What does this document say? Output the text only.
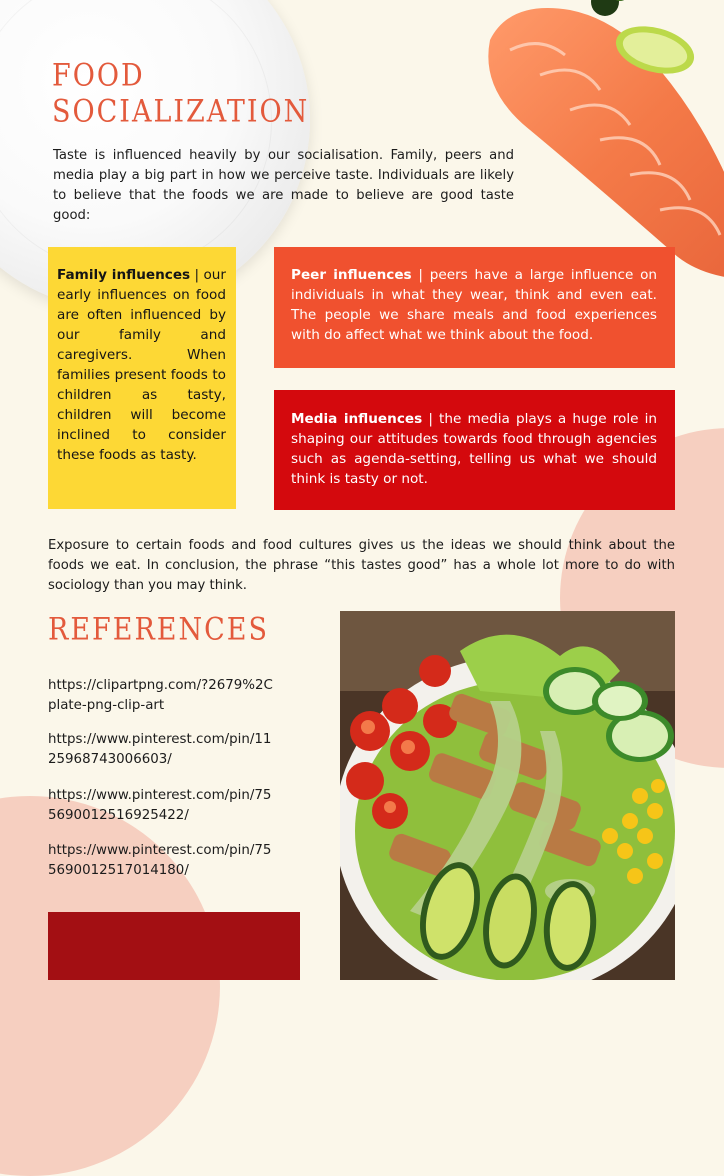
FOOD
SOCIALIZATION
Taste is influenced heavily by our socialisation. Family, peers and media play a big part in how we perceive taste. Individuals are likely to believe that the foods we are made to believe are good taste good:
Family influences | our early influences on food are often influenced by our family and caregivers. When families present foods to children as tasty, children will become inclined to consider these foods as tasty.
Peer influences | peers have a large influence on individuals in what they wear, think and even eat. The people we share meals and food experiences with do affect what we think about the food.
Media influences | the media plays a huge role in shaping our attitudes towards food through agencies such as agenda-setting, telling us what we should think is tasty or not.
Exposure to certain foods and food cultures gives us the ideas we should think about the foods we eat. In conclusion, the phrase “this tastes good” has a whole lot more to do with sociology than you may think.
REFERENCES
https://clipartpng.com/?2679%2Cplate-png-clip-art
https://www.pinterest.com/pin/1125968743006603/
https://www.pinterest.com/pin/755690012516925422/
https://www.pinterest.com/pin/755690012517014180/
